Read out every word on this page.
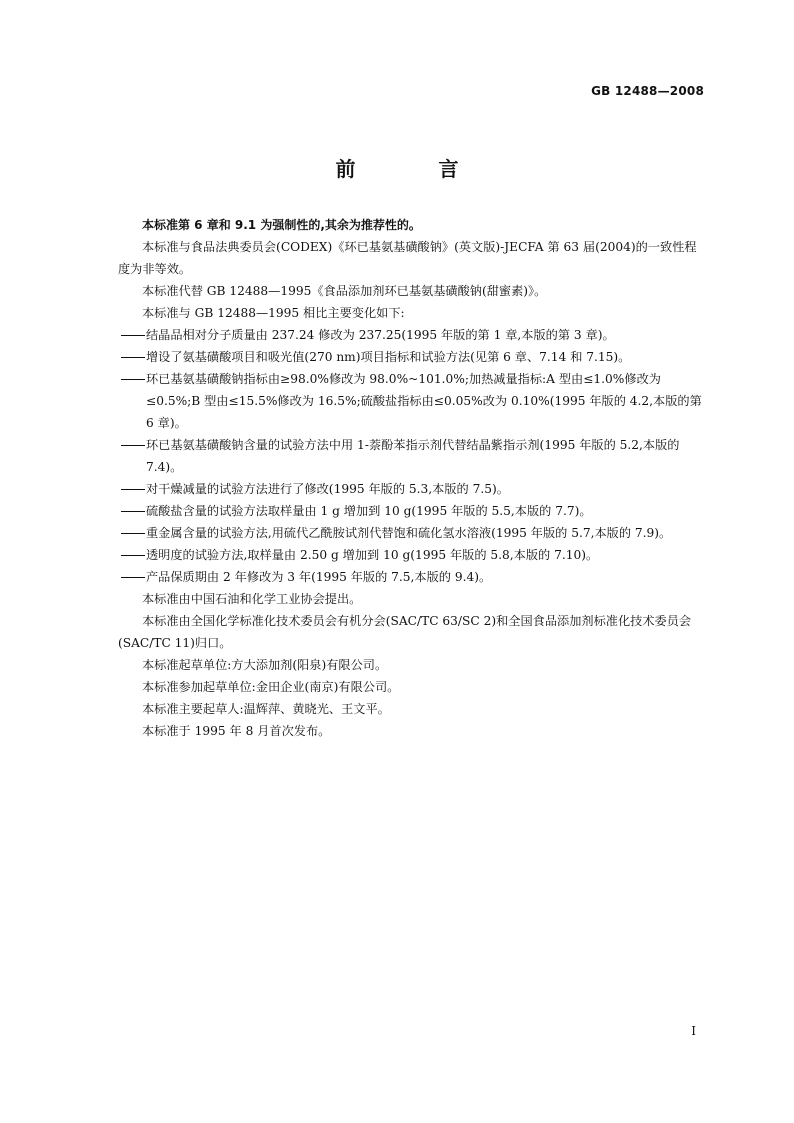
GB 12488—2008
前 言

本标准第 6 章和 9.1 为强制性的,其余为推荐性的。

本标准与食品法典委员会(CODEX)《环已基氨基磺酸钠》(英文版)-JECFA 第 63 届(2004)的一致性程度为非等效。

本标准代替 GB 12488—1995《食品添加剂环已基氨基磺酸钠(甜蜜素)》。

本标准与 GB 12488—1995 相比主要变化如下:

结晶品相对分子质量由 237.24 修改为 237.25(1995 年版的第 1 章,本版的第 3 章)。

增设了氨基磺酸项目和吸光值(270 nm)项目指标和试验方法(见第 6 章、7.14 和 7.15)。

环已基氨基磺酸钠指标由≥98.0%修改为 98.0%~101.0%;加热减量指标:A 型由≤1.0%修改为≤0.5%;B 型由≤15.5%修改为 16.5%;硫酸盐指标由≤0.05%改为 0.10%(1995 年版的 4.2,本版的第 6 章)。

环已基氨基磺酸钠含量的试验方法中用 1-萘酚苯指示剂代替结晶紫指示剂(1995 年版的 5.2,本版的 7.4)。

对干燥减量的试验方法进行了修改(1995 年版的 5.3,本版的 7.5)。

硫酸盐含量的试验方法取样量由 1 g 增加到 10 g(1995 年版的 5.5,本版的 7.7)。

重金属含量的试验方法,用硫代乙酰胺试剂代替饱和硫化氢水溶液(1995 年版的 5.7,本版的 7.9)。

透明度的试验方法,取样量由 2.50 g 增加到 10 g(1995 年版的 5.8,本版的 7.10)。

产品保质期由 2 年修改为 3 年(1995 年版的 7.5,本版的 9.4)。

本标准由中国石油和化学工业协会提出。

本标准由全国化学标准化技术委员会有机分会(SAC/TC 63/SC 2)和全国食品添加剂标准化技术委员会(SAC/TC 11)归口。

本标准起草单位:方大添加剂(阳泉)有限公司。

本标准参加起草单位:金田企业(南京)有限公司。

本标准主要起草人:温辉萍、黄晓光、王文平。

本标准于 1995 年 8 月首次发布。

I
